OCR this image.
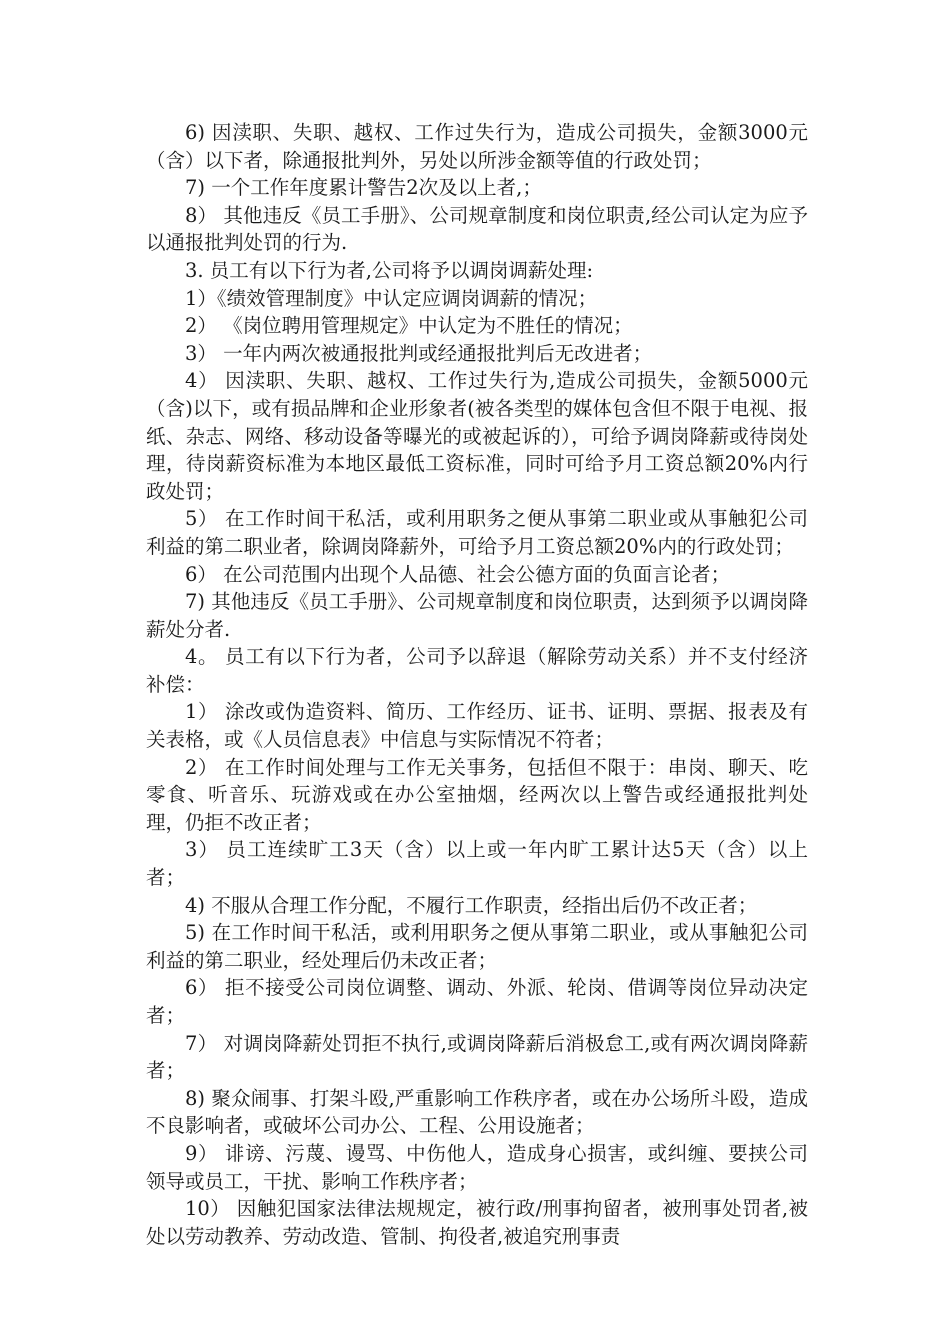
6) 因渎职、失职、越权、工作过失行为，造成公司损失，金额3000元（含）以下者，除通报批判外，另处以所涉金额等值的行政处罚；

7) 一个工作年度累计警告2次及以上者,；

8） 其他违反《员工手册》、公司规章制度和岗位职责,经公司认定为应予以通报批判处罚的行为.

3. 员工有以下行为者,公司将予以调岗调薪处理:

1）《绩效管理制度》中认定应调岗调薪的情况；

2） 《岗位聘用管理规定》中认定为不胜任的情况；

3） 一年内两次被通报批判或经通报批判后无改进者；

4） 因渎职、失职、越权、工作过失行为,造成公司损失，金额5000元（含)以下，或有损品牌和企业形象者(被各类型的媒体包含但不限于电视、报纸、杂志、网络、移动设备等曝光的或被起诉的），可给予调岗降薪或待岗处理，待岗薪资标准为本地区最低工资标准，同时可给予月工资总额20%内行政处罚；

5） 在工作时间干私活，或利用职务之便从事第二职业或从事触犯公司利益的第二职业者，除调岗降薪外，可给予月工资总额20%内的行政处罚；

6） 在公司范围内出现个人品德、社会公德方面的负面言论者；

7) 其他违反《员工手册》、公司规章制度和岗位职责，达到须予以调岗降薪处分者.

4。 员工有以下行为者，公司予以辞退（解除劳动关系）并不支付经济补偿：

1） 涂改或伪造资料、简历、工作经历、证书、证明、票据、报表及有关表格，或《人员信息表》中信息与实际情况不符者；

2） 在工作时间处理与工作无关事务，包括但不限于：串岗、聊天、吃零食、听音乐、玩游戏或在办公室抽烟，经两次以上警告或经通报批判处理，仍拒不改正者；

3） 员工连续旷工3天（含）以上或一年内旷工累计达5天（含）以上者；

4) 不服从合理工作分配，不履行工作职责，经指出后仍不改正者；

5) 在工作时间干私活，或利用职务之便从事第二职业，或从事触犯公司利益的第二职业，经处理后仍未改正者；

6） 拒不接受公司岗位调整、调动、外派、轮岗、借调等岗位异动决定者；

7） 对调岗降薪处罚拒不执行,或调岗降薪后消极怠工,或有两次调岗降薪者；

8) 聚众闹事、打架斗殴,严重影响工作秩序者，或在办公场所斗殴，造成不良影响者，或破坏公司办公、工程、公用设施者；

9） 诽谤、污蔑、谩骂、中伤他人，造成身心损害，或纠缠、要挟公司领导或员工，干扰、影响工作秩序者；

10） 因触犯国家法律法规规定，被行政/刑事拘留者，被刑事处罚者,被处以劳动教养、劳动改造、管制、拘役者,被追究刑事责
